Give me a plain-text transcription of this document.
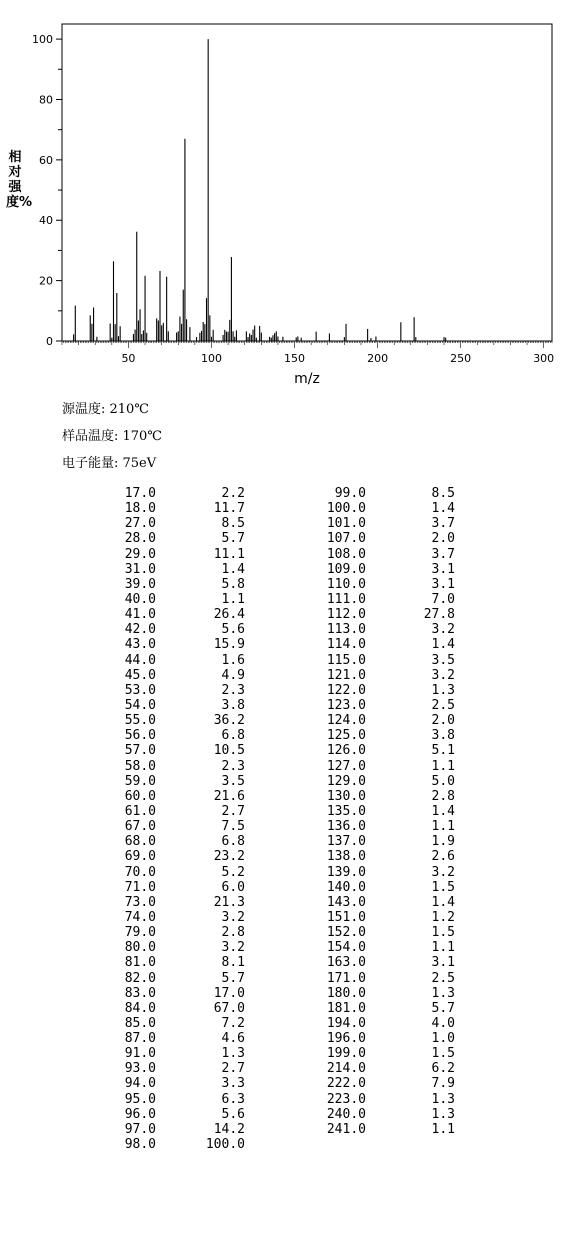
0
20
40
60
80
100
50	100	150	200	250	300
m/z
相对强度%
源温度: 210℃
样品温度: 170℃
电子能量: 75eV
17.0	2.2
18.0	11.7
27.0	8.5
28.0	5.7
29.0	11.1
31.0	1.4
39.0	5.8
40.0	1.1
41.0	26.4
42.0	5.6
43.0	15.9
44.0	1.6
45.0	4.9
53.0	2.3
54.0	3.8
55.0	36.2
56.0	6.8
57.0	10.5
58.0	2.3
59.0	3.5
60.0	21.6
61.0	2.7
67.0	7.5
68.0	6.8
69.0	23.2
70.0	5.2
71.0	6.0
73.0	21.3
74.0	3.2
79.0	2.8
80.0	3.2
81.0	8.1
82.0	5.7
83.0	17.0
84.0	67.0
85.0	7.2
87.0	4.6
91.0	1.3
93.0	2.7
94.0	3.3
95.0	6.3
96.0	5.6
97.0	14.2
98.0	100.0
99.0	8.5
100.0	1.4
101.0	3.7
107.0	2.0
108.0	3.7
109.0	3.1
110.0	3.1
111.0	7.0
112.0	27.8
113.0	3.2
114.0	1.4
115.0	3.5
121.0	3.2
122.0	1.3
123.0	2.5
124.0	2.0
125.0	3.8
126.0	5.1
127.0	1.1
129.0	5.0
130.0	2.8
135.0	1.4
136.0	1.1
137.0	1.9
138.0	2.6
139.0	3.2
140.0	1.5
143.0	1.4
151.0	1.2
152.0	1.5
154.0	1.1
163.0	3.1
171.0	2.5
180.0	1.3
181.0	5.7
194.0	4.0
196.0	1.0
199.0	1.5
214.0	6.2
222.0	7.9
223.0	1.3
240.0	1.3
241.0	1.1
